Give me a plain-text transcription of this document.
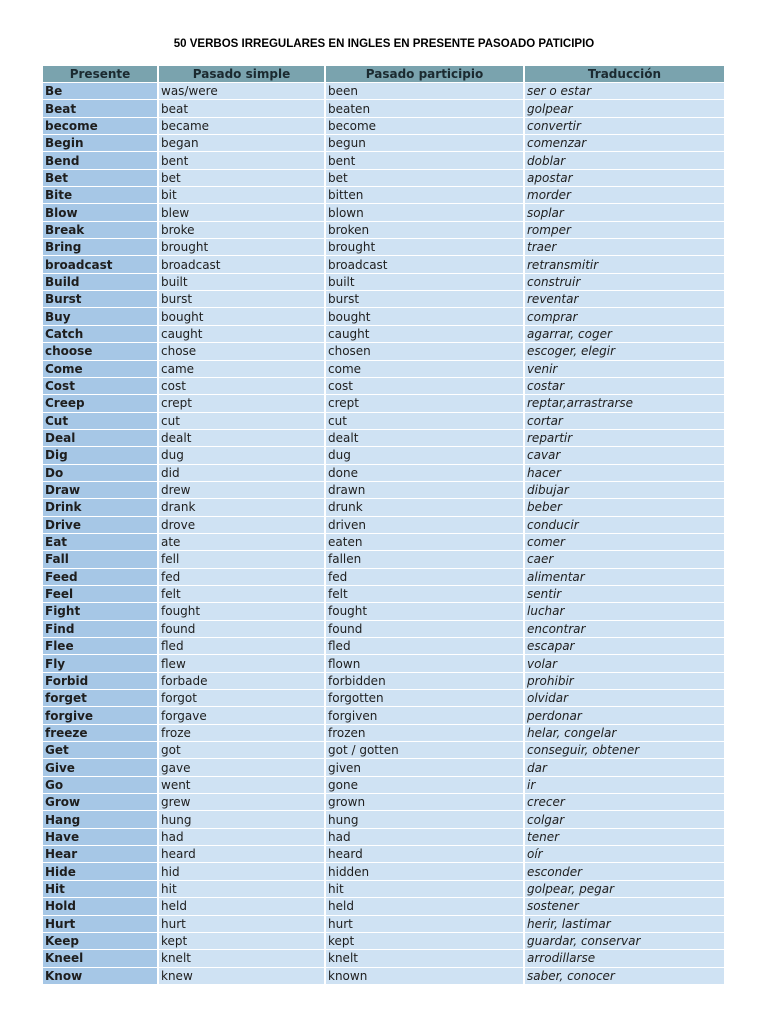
50 VERBOS IRREGULARES EN INGLES EN PRESENTE PASOADO PATICIPIO
Presente	Pasado simple	Pasado participio	Traducción
Be	was/were	been	ser o estar
Beat	beat	beaten	golpear
become	became	become	convertir
Begin	began	begun	comenzar
Bend	bent	bent	doblar
Bet	bet	bet	apostar
Bite	bit	bitten	morder
Blow	blew	blown	soplar
Break	broke	broken	romper
Bring	brought	brought	traer
broadcast	broadcast	broadcast	retransmitir
Build	built	built	construir
Burst	burst	burst	reventar
Buy	bought	bought	comprar
Catch	caught	caught	agarrar, coger
choose	chose	chosen	escoger, elegir
Come	came	come	venir
Cost	cost	cost	costar
Creep	crept	crept	reptar,arrastrarse
Cut	cut	cut	cortar
Deal	dealt	dealt	repartir
Dig	dug	dug	cavar
Do	did	done	hacer
Draw	drew	drawn	dibujar
Drink	drank	drunk	beber
Drive	drove	driven	conducir
Eat	ate	eaten	comer
Fall	fell	fallen	caer
Feed	fed	fed	alimentar
Feel	felt	felt	sentir
Fight	fought	fought	luchar
Find	found	found	encontrar
Flee	fled	fled	escapar
Fly	flew	flown	volar
Forbid	forbade	forbidden	prohibir
forget	forgot	forgotten	olvidar
forgive	forgave	forgiven	perdonar
freeze	froze	frozen	helar, congelar
Get	got	got / gotten	conseguir, obtener
Give	gave	given	dar
Go	went	gone	ir
Grow	grew	grown	crecer
Hang	hung	hung	colgar
Have	had	had	tener
Hear	heard	heard	oír
Hide	hid	hidden	esconder
Hit	hit	hit	golpear, pegar
Hold	held	held	sostener
Hurt	hurt	hurt	herir, lastimar
Keep	kept	kept	guardar, conservar
Kneel	knelt	knelt	arrodillarse
Know	knew	known	saber, conocer
